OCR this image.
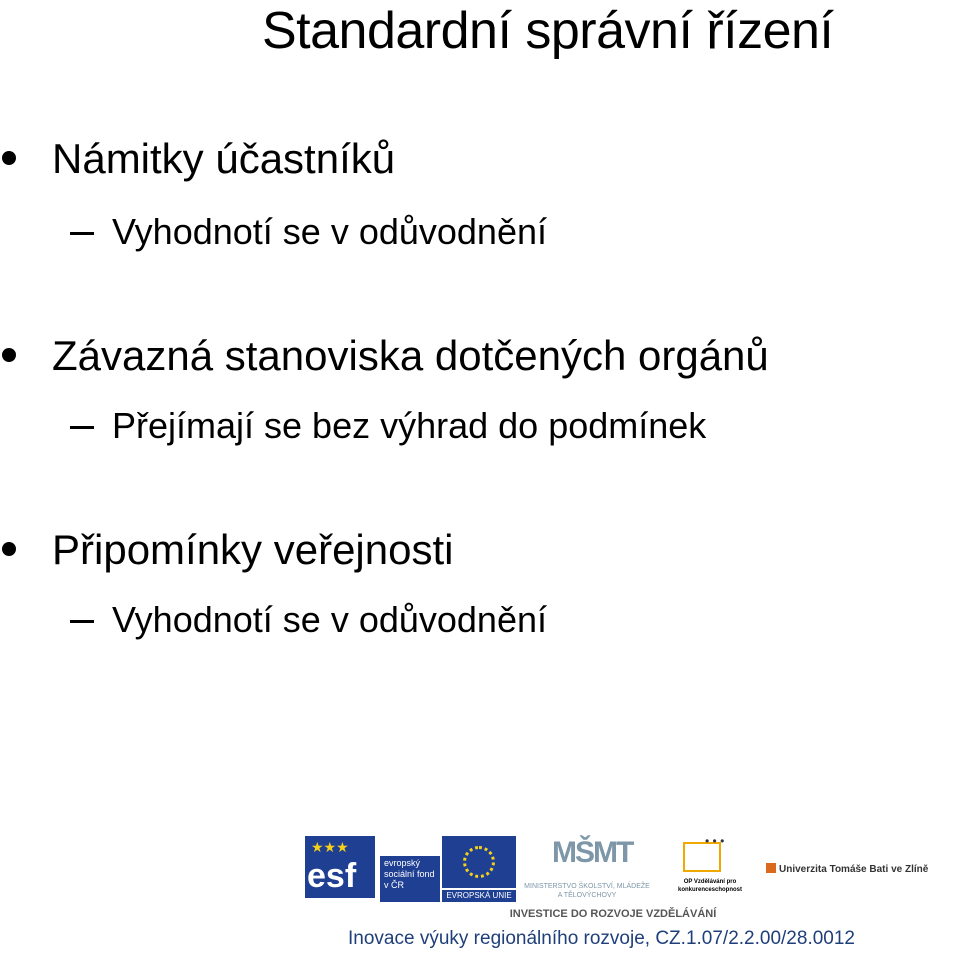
Standardní správní řízení
Námitky účastníků
Vyhodnotí se v odůvodnění
Závazná stanoviska dotčených orgánů
Přejímají se bez výhrad do podmínek
Připomínky veřejnosti
Vyhodnotí se v odůvodnění
★★★
esf	evropský sociální fond v ČR
EVROPSKÁ UNIE
MŠMT
MINISTERSTVO ŠKOLSTVÍ, MLÁDEŽE A TĚLOVÝCHOVY
• • •
OP Vzdělávání pro konkurenceschopnost
Univerzita Tomáše Bati ve Zlíně
INVESTICE DO ROZVOJE VZDĚLÁVÁNÍ
Inovace výuky regionálního rozvoje, CZ.1.07/2.2.00/28.0012
